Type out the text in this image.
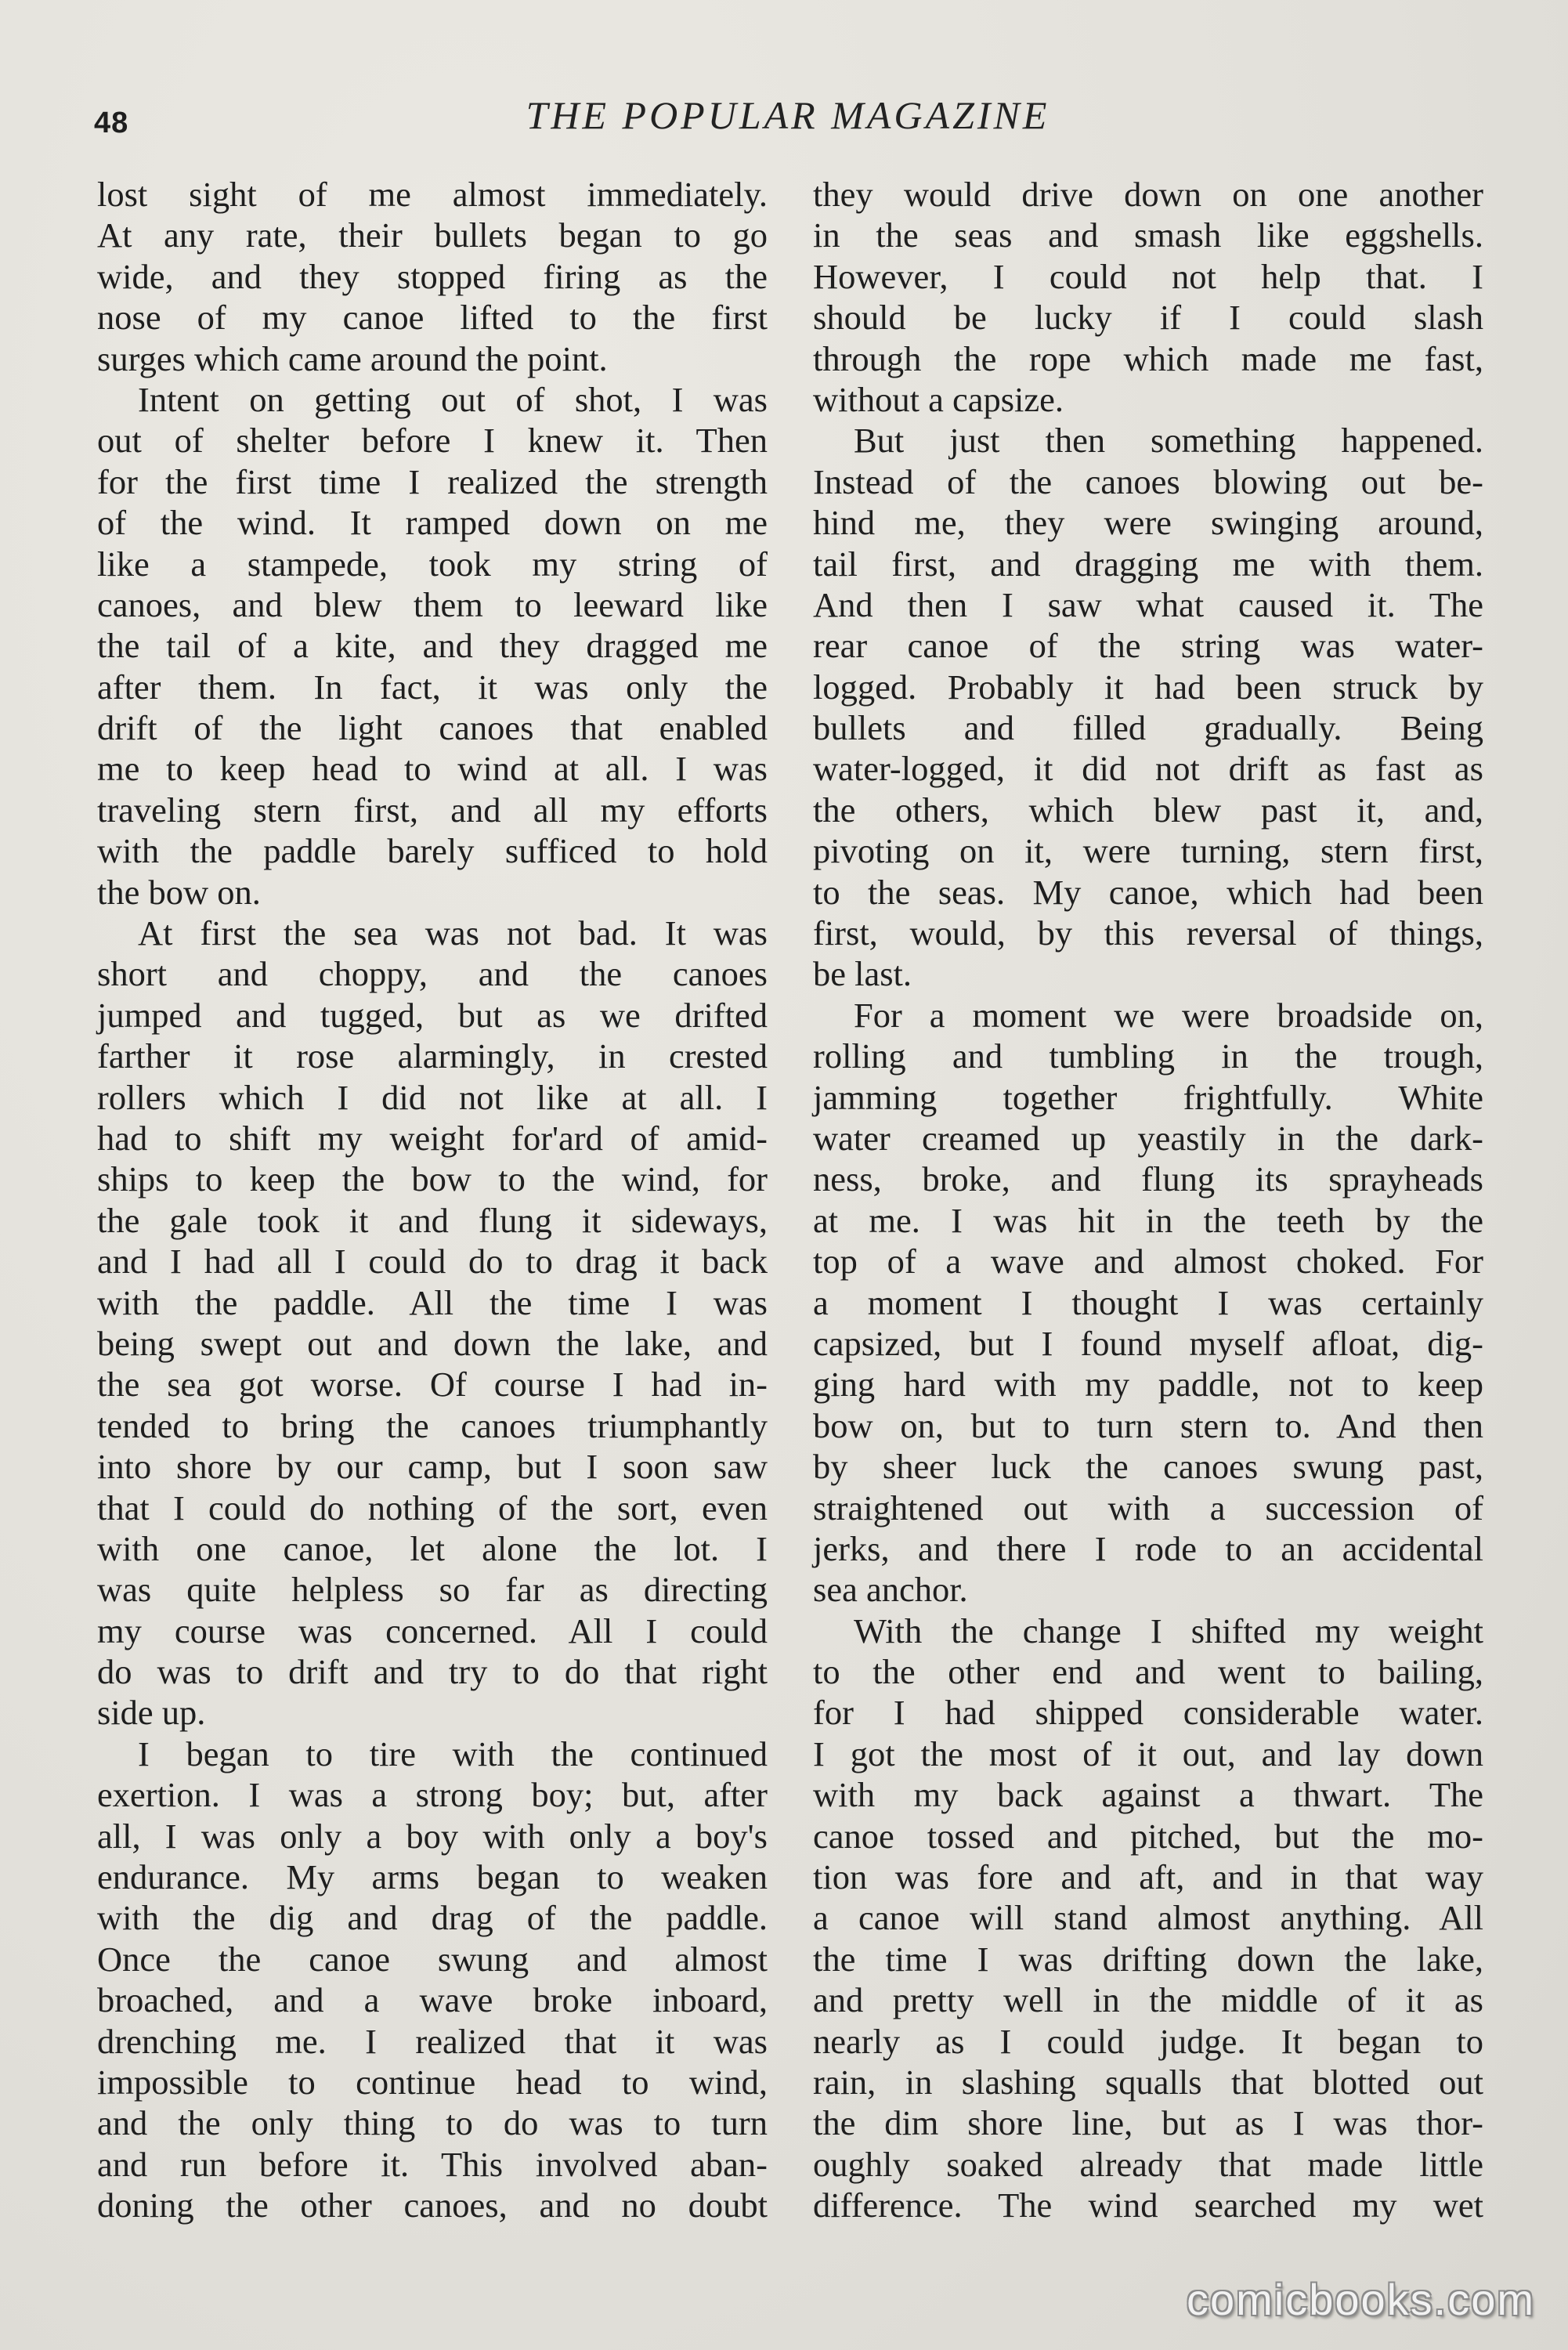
48	THE POPULAR MAGAZINE
lost sight of me almost immediately.
At any rate, their bullets began to go
wide, and they stopped firing as the
nose of my canoe lifted to the first
surges which came around the point.
Intent on getting out of shot, I was
out of shelter before I knew it. Then
for the first time I realized the strength
of the wind. It ramped down on me
like a stampede, took my string of
canoes, and blew them to leeward like
the tail of a kite, and they dragged me
after them. In fact, it was only the
drift of the light canoes that enabled
me to keep head to wind at all. I was
traveling stern first, and all my efforts
with the paddle barely sufficed to hold
the bow on.
At first the sea was not bad. It was
short and choppy, and the canoes
jumped and tugged, but as we drifted
farther it rose alarmingly, in crested
rollers which I did not like at all. I
had to shift my weight for'ard of amid-
ships to keep the bow to the wind, for
the gale took it and flung it sideways,
and I had all I could do to drag it back
with the paddle. All the time I was
being swept out and down the lake, and
the sea got worse. Of course I had in-
tended to bring the canoes triumphantly
into shore by our camp, but I soon saw
that I could do nothing of the sort, even
with one canoe, let alone the lot. I
was quite helpless so far as directing
my course was concerned. All I could
do was to drift and try to do that right
side up.
I began to tire with the continued
exertion. I was a strong boy; but, after
all, I was only a boy with only a boy's
endurance. My arms began to weaken
with the dig and drag of the paddle.
Once the canoe swung and almost
broached, and a wave broke inboard,
drenching me. I realized that it was
impossible to continue head to wind,
and the only thing to do was to turn
and run before it. This involved aban-
doning the other canoes, and no doubt
they would drive down on one another
in the seas and smash like eggshells.
However, I could not help that. I
should be lucky if I could slash
through the rope which made me fast,
without a capsize.
But just then something happened.
Instead of the canoes blowing out be-
hind me, they were swinging around,
tail first, and dragging me with them.
And then I saw what caused it. The
rear canoe of the string was water-
logged. Probably it had been struck by
bullets and filled gradually. Being
water-logged, it did not drift as fast as
the others, which blew past it, and,
pivoting on it, were turning, stern first,
to the seas. My canoe, which had been
first, would, by this reversal of things,
be last.
For a moment we were broadside on,
rolling and tumbling in the trough,
jamming together frightfully. White
water creamed up yeastily in the dark-
ness, broke, and flung its sprayheads
at me. I was hit in the teeth by the
top of a wave and almost choked. For
a moment I thought I was certainly
capsized, but I found myself afloat, dig-
ging hard with my paddle, not to keep
bow on, but to turn stern to. And then
by sheer luck the canoes swung past,
straightened out with a succession of
jerks, and there I rode to an accidental
sea anchor.
With the change I shifted my weight
to the other end and went to bailing,
for I had shipped considerable water.
I got the most of it out, and lay down
with my back against a thwart. The
canoe tossed and pitched, but the mo-
tion was fore and aft, and in that way
a canoe will stand almost anything. All
the time I was drifting down the lake,
and pretty well in the middle of it as
nearly as I could judge. It began to
rain, in slashing squalls that blotted out
the dim shore line, but as I was thor-
oughly soaked already that made little
difference. The wind searched my wet
comicbooks.com
